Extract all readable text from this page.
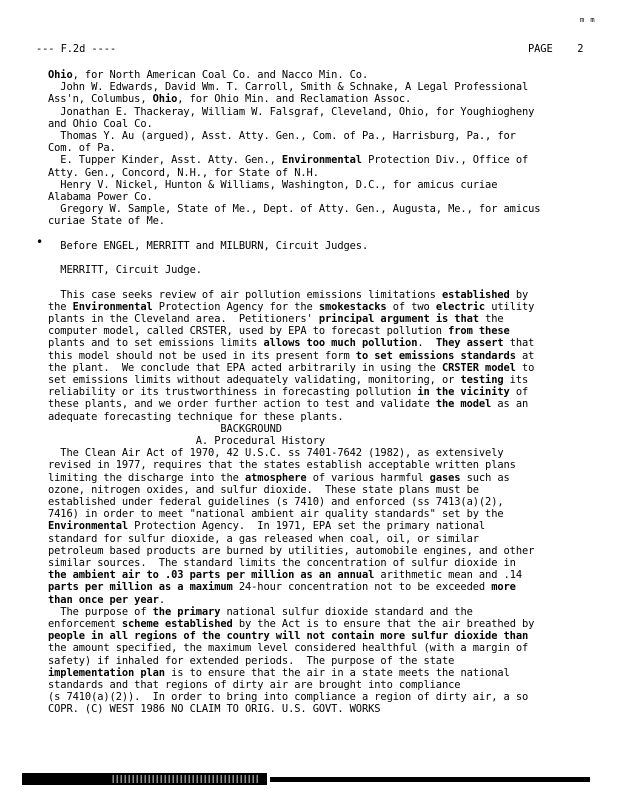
m m
--- F.2d ----	PAGE 2
•
Ohio, for North American Coal Co. and Nacco Min. Co.
John W. Edwards, David Wm. T. Carroll, Smith & Schnake, A Legal Professional
Ass'n, Columbus, Ohio, for Ohio Min. and Reclamation Assoc.
Jonathan E. Thackeray, William W. Falsgraf, Cleveland, Ohio, for Youghiogheny
and Ohio Coal Co.
Thomas Y. Au (argued), Asst. Atty. Gen., Com. of Pa., Harrisburg, Pa., for
Com. of Pa.
E. Tupper Kinder, Asst. Atty. Gen., Environmental Protection Div., Office of
Atty. Gen., Concord, N.H., for State of N.H.
Henry V. Nickel, Hunton & Williams, Washington, D.C., for amicus curiae
Alabama Power Co.
Gregory W. Sample, State of Me., Dept. of Atty. Gen., Augusta, Me., for amicus
curiae State of Me.
Before ENGEL, MERRITT and MILBURN, Circuit Judges.
MERRITT, Circuit Judge.
This case seeks review of air pollution emissions limitations established by
the Environmental Protection Agency for the smokestacks of two electric utility
plants in the Cleveland area.  Petitioners' principal argument is that the
computer model, called CRSTER, used by EPA to forecast pollution from these
plants and to set emissions limits allows too much pollution.  They assert that
this model should not be used in its present form to set emissions standards at
the plant.  We conclude that EPA acted arbitrarily in using the CRSTER model to
set emissions limits without adequately validating, monitoring, or testing its
reliability or its trustworthiness in forecasting pollution in the vicinity of
these plants, and we order further action to test and validate the model as an
adequate forecasting technique for these plants.
BACKGROUND
A. Procedural History
The Clean Air Act of 1970, 42 U.S.C. ss 7401-7642 (1982), as extensively
revised in 1977, requires that the states establish acceptable written plans
limiting the discharge into the atmosphere of various harmful gases such as
ozone, nitrogen oxides, and sulfur dioxide.  These state plans must be
established under federal guidelines (s 7410) and enforced (ss 7413(a)(2),
7416) in order to meet "national ambient air quality standards" set by the
Environmental Protection Agency.  In 1971, EPA set the primary national
standard for sulfur dioxide, a gas released when coal, oil, or similar
petroleum based products are burned by utilities, automobile engines, and other
similar sources.  The standard limits the concentration of sulfur dioxide in
the ambient air to .03 parts per million as an annual arithmetic mean and .14
parts per million as a maximum 24-hour concentration not to be exceeded more
than once per year.
The purpose of the primary national sulfur dioxide standard and the
enforcement scheme established by the Act is to ensure that the air breathed by
people in all regions of the country will not contain more sulfur dioxide than
the amount specified, the maximum level considered healthful (with a margin of
safety) if inhaled for extended periods.  The purpose of the state
implementation plan is to ensure that the air in a state meets the national
standards and that regions of dirty air are brought into compliance
(s 7410(a)(2)).  In order to bring into compliance a region of dirty air, a so
COPR. (C) WEST 1986 NO CLAIM TO ORIG. U.S. GOVT. WORKS
